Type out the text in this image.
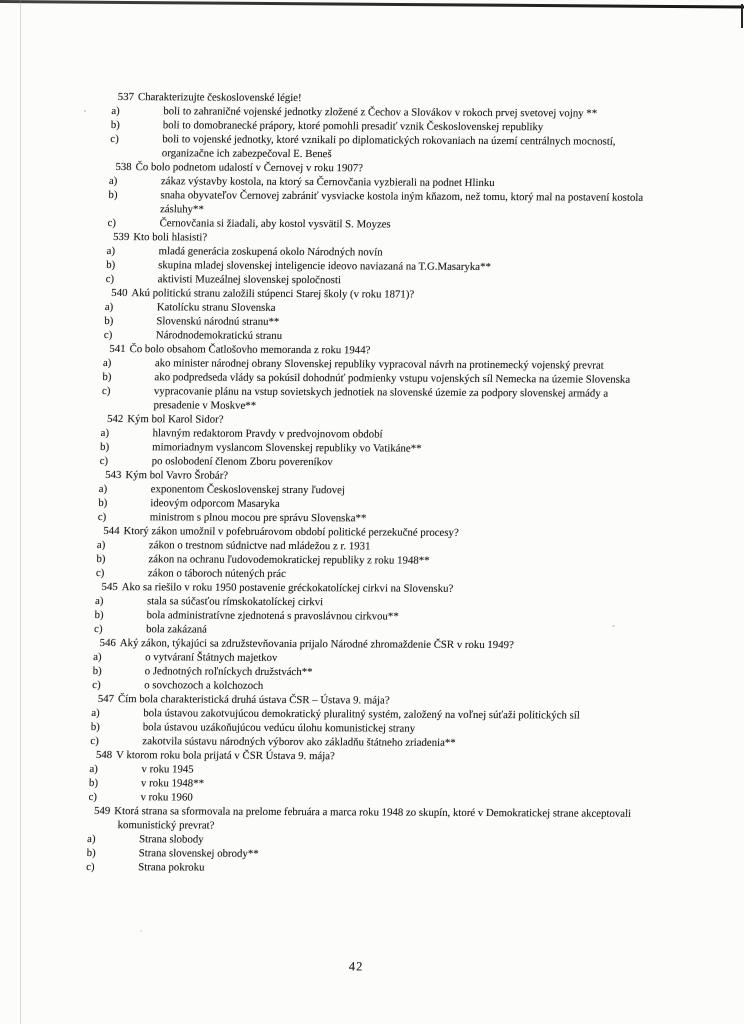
537 Charakterizujte československé légie!
a)	boli to zahraničné vojenské jednotky zložené z Čechov a Slovákov v rokoch prvej svetovej vojny **
b)	boli to domobranecké prápory, ktoré pomohli presadiť vznik Československej republiky
c)	boli to vojenské jednotky, ktoré vznikali po diplomatických rokovaniach na území centrálnych mocností, organizačne ich zabezpečoval E. Beneš
538 Čo bolo podnetom udalostí v Černovej v roku 1907?
a)	zákaz výstavby kostola, na ktorý sa Černovčania vyzbierali na podnet Hlinku
b)	snaha obyvateľov Černovej zabrániť vysviacke kostola iným kňazom, než tomu, ktorý mal na postavení kostola zásluhy**
c)	Černovčania si žiadali, aby kostol vysvätil S. Moyzes
539 Kto boli hlasisti?
a)	mladá generácia zoskupená okolo Národných novín
b)	skupina mladej slovenskej inteligencie ideovo naviazaná na T.G.Masaryka**
c)	aktivisti Muzeálnej slovenskej spoločnosti
540 Akú politickú stranu založili stúpenci Starej školy (v roku 1871)?
a)	Katolícku stranu Slovenska
b)	Slovenskú národnú stranu**
c)	Národnodemokratickú stranu
541 Čo bolo obsahom Čatlošovho memoranda z roku 1944?
a)	ako minister národnej obrany Slovenskej republiky vypracoval návrh na protinemecký vojenský prevrat
b)	ako podpredseda vlády sa pokúsil dohodnúť podmienky vstupu vojenských síl Nemecka na územie Slovenska
c)	vypracovanie plánu na vstup sovietskych jednotiek na slovenské územie za podpory slovenskej armády a presadenie v Moskve**
542 Kým bol Karol Sidor?
a)	hlavným redaktorom Pravdy v predvojnovom období
b)	mimoriadnym vyslancom Slovenskej republiky vo Vatikáne**
c)	po oslobodení členom Zboru povereníkov
543 Kým bol Vavro Šrobár?
a)	exponentom Československej strany ľudovej
b)	ideovým odporcom Masaryka
c)	ministrom s plnou mocou pre správu Slovenska**
544 Ktorý zákon umožnil v pofebruárovom období politické perzekučné procesy?
a)	zákon o trestnom súdnictve nad mládežou z r. 1931
b)	zákon na ochranu ľudovodemokratickej republiky z roku 1948**
c)	zákon o táboroch nútených prác
545 Ako sa riešilo v roku 1950 postavenie gréckokatolíckej cirkvi na Slovensku?
a)	stala sa súčasťou rímskokatolíckej cirkvi
b)	bola administratívne zjednotená s pravoslávnou cirkvou**
c)	bola zakázaná
546 Aký zákon, týkajúci sa združstevňovania prijalo Národné zhromaždenie ČSR v roku 1949?
a)	o vytváraní Štátnych majetkov
b)	o Jednotných roľníckych družstvách**
c)	o sovchozoch a kolchozoch
547 Čím bola charakteristická druhá ústava ČSR – Ústava 9. mája?
a)	bola ústavou zakotvujúcou demokratický pluralitný systém, založený na voľnej súťaži politických síl
b)	bola ústavou uzákoňujúcou vedúcu úlohu komunistickej strany
c)	zakotvila sústavu národných výborov ako základňu štátneho zriadenia**
548 V ktorom roku bola prijatá v ČSR Ústava 9. mája?
a)	v roku 1945
b)	v roku 1948**
c)	v roku 1960
549 Ktorá strana sa sformovala na prelome februára a marca roku 1948 zo skupín, ktoré v Demokratickej strane akceptovali komunistický prevrat?
a)	Strana slobody
b)	Strana slovenskej obrody**
c)	Strana pokroku
42
